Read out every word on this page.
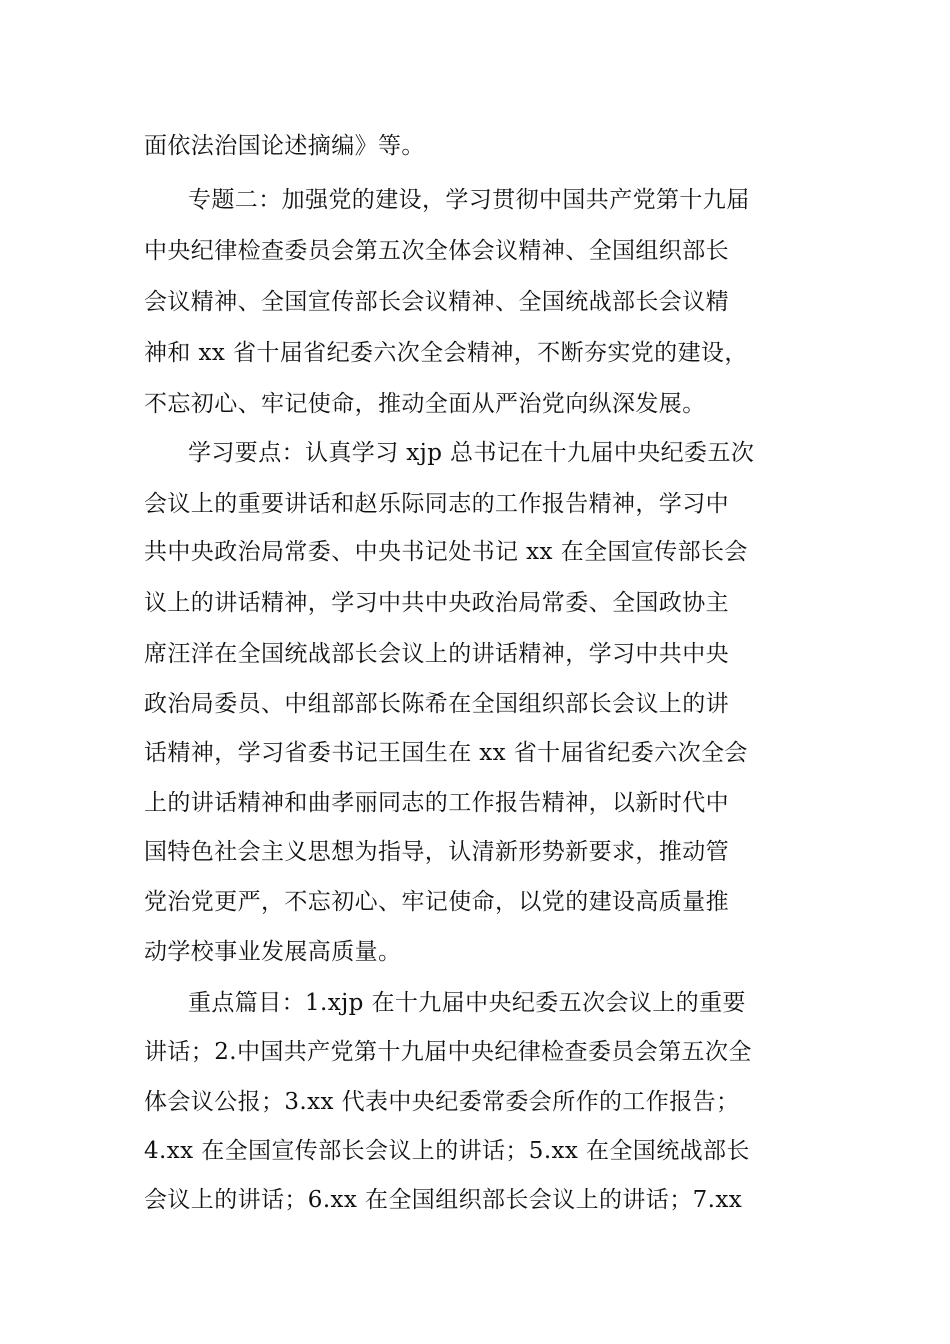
面依法治国论述摘编》等。
专题二：加强党的建设，学习贯彻中国共产党第十九届
中央纪律检查委员会第五次全体会议精神、全国组织部长
会议精神、全国宣传部长会议精神、全国统战部长会议精
神和 xx 省十届省纪委六次全会精神，不断夯实党的建设，
不忘初心、牢记使命，推动全面从严治党向纵深发展。
学习要点：认真学习 xjp 总书记在十九届中央纪委五次
会议上的重要讲话和赵乐际同志的工作报告精神，学习中
共中央政治局常委、中央书记处书记 xx 在全国宣传部长会
议上的讲话精神，学习中共中央政治局常委、全国政协主
席汪洋在全国统战部长会议上的讲话精神，学习中共中央
政治局委员、中组部部长陈希在全国组织部长会议上的讲
话精神，学习省委书记王国生在 xx 省十届省纪委六次全会
上的讲话精神和曲孝丽同志的工作报告精神，以新时代中
国特色社会主义思想为指导，认清新形势新要求，推动管
党治党更严，不忘初心、牢记使命，以党的建设高质量推
动学校事业发展高质量。
重点篇目：1.xjp 在十九届中央纪委五次会议上的重要
讲话；2.中国共产党第十九届中央纪律检查委员会第五次全
体会议公报；3.xx 代表中央纪委常委会所作的工作报告；
4.xx 在全国宣传部长会议上的讲话；5.xx 在全国统战部长
会议上的讲话；6.xx 在全国组织部长会议上的讲话；7.xx
